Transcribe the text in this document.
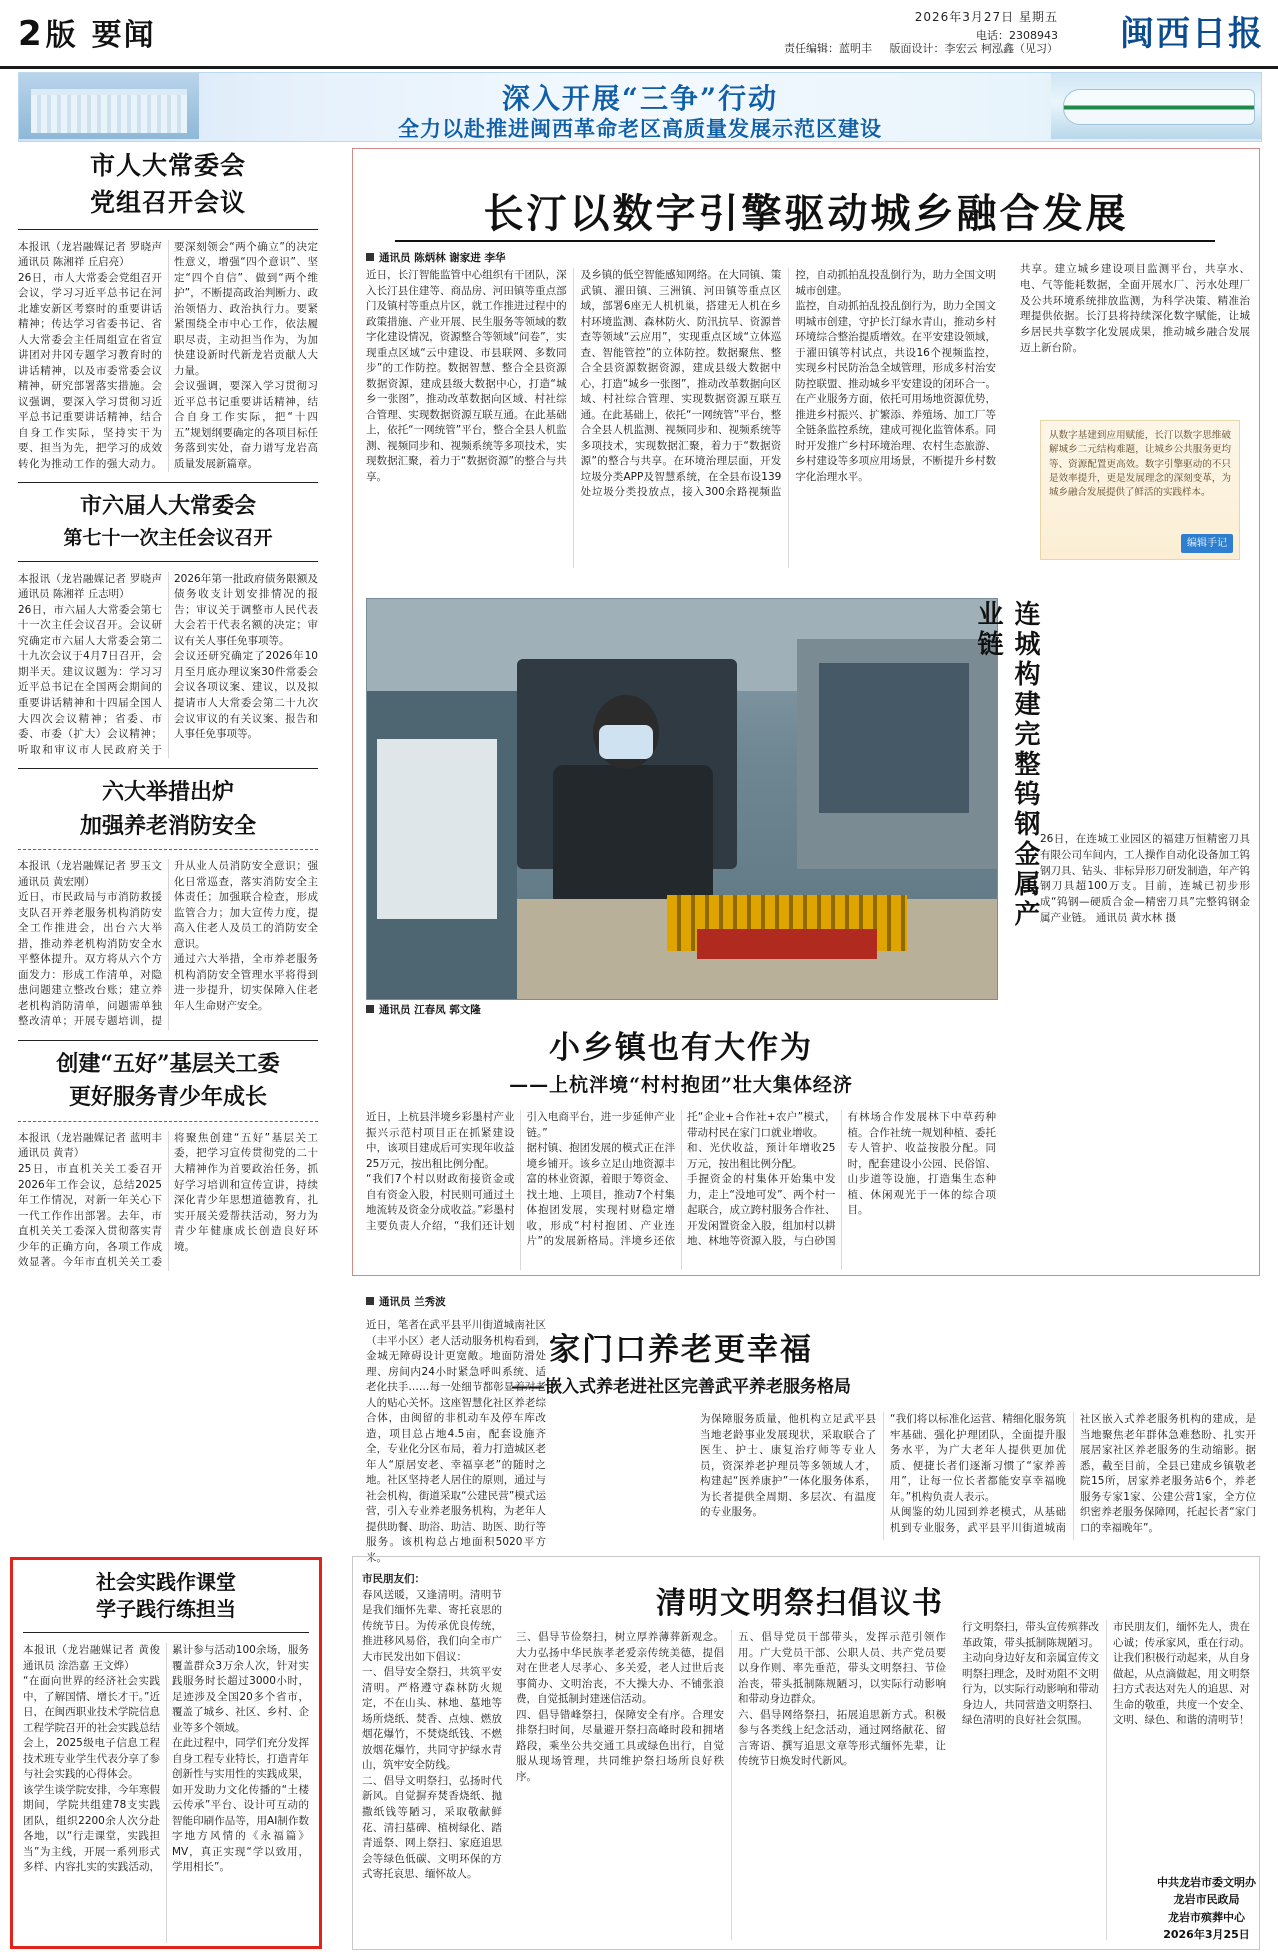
2 版 要闻
2026年3月27日 星期五
电话：2308943
责任编辑：蓝明丰 版面设计：李宏云 柯泓鑫（见习） 闽西日报
深入开展“三争”行动
全力以赴推进闽西革命老区高质量发展示范区建设
市人大常委会
党组召开会议
本报讯（龙岩融媒记者 罗晓声 通讯员 陈湘祥 丘启亮）
26日，市人大常委会党组召开会议，学习习近平总书记在河北雄安新区考察时的重要讲话精神；传达学习省委书记、省人大常委会主任周组宣在省宣讲团对井冈专题学习教育时的讲话精神，以及市委常委会议精神，研究部署落实措施。会议强调，要深入学习贯彻习近平总书记重要讲话精神，结合自身工作实际，坚持实干为要、担当为先，把学习的成效转化为推动工作的强大动力。要深刻领会“两个确立”的决定性意义，增强“四个意识”、坚定“四个自信”、做到“两个维护”，不断提高政治判断力、政治领悟力、政治执行力。要紧紧围绕全市中心工作，依法履职尽责，主动担当作为，为加快建设新时代新龙岩贡献人大力量。
会议强调，要深入学习贯彻习近平总书记重要讲话精神，结合自身工作实际，把“十四五”规划纲要确定的各项目标任务落到实处，奋力谱写龙岩高质量发展新篇章。
市六届人大常委会
第七十一次主任会议召开
本报讯（龙岩融媒记者 罗晓声 通讯员 陈湘祥 丘志明）
26日，市六届人大常委会第七十一次主任会议召开。会议研究确定市六届人大常委会第二十九次会议于4月7日召开，会期半天。建议议题为：学习习近平总书记在全国两会期间的重要讲话精神和十四届全国人大四次会议精神；省委、市委、市委（扩大）会议精神；听取和审议市人民政府关于2026年第一批政府债务限额及债务收支计划安排情况的报告；审议关于调整市人民代表大会若干代表名额的决定；审议有关人事任免事项等。
会议还研究确定了2026年10月至月底办理议案30件常委会会议各项议案、建议，以及拟提请市人大常委会第二十九次会议审议的有关议案、报告和人事任免事项等。
六大举措出炉
加强养老消防安全
本报讯（龙岩融媒记者 罗玉文 通讯员 黄宏刚）
近日，市民政局与市消防救援支队召开养老服务机构消防安全工作推进会，出台六大举措，推动养老机构消防安全水平整体提升。双方将从六个方面发力：形成工作清单，对隐患问题建立整改台账；建立养老机构消防清单，问题需单独整改清单；开展专题培训，提升从业人员消防安全意识；强化日常巡查，落实消防安全主体责任；加强联合检查，形成监管合力；加大宣传力度，提高入住老人及员工的消防安全意识。
通过六大举措，全市养老服务机构消防安全管理水平将得到进一步提升，切实保障入住老年人生命财产安全。
创建“五好”基层关工委
更好服务青少年成长
本报讯（龙岩融媒记者 蓝明丰 通讯员 黄青）
25日，市直机关关工委召开2026年工作会议，总结2025年工作情况，对新一年关心下一代工作作出部署。去年，市直机关关工委深入贯彻落实青少年的正确方向，各项工作成效显著。今年市直机关关工委将聚焦创建“五好”基层关工委，把学习宣传贯彻党的二十大精神作为首要政治任务，抓好学习培训和宣传宣讲，持续深化青少年思想道德教育，扎实开展关爱帮扶活动，努力为青少年健康成长创造良好环境。
社会实践作课堂
学子践行练担当
本报讯（龙岩融媒记者 黄俊 通讯员 涂浩嘉 王文烨）
“在面向世界的经济社会实践中，了解国情、增长才干。”近日，在闽西职业技术学院信息工程学院召开的社会实践总结会上，2025级电子信息工程技术班专业学生代表分享了参与社会实践的心得体会。
该学生谈学院安排，今年寒假期间，学院共组建78支实践团队，组织2200余人次分赴各地，以“行走课堂，实践担当”为主线，开展一系列形式多样、内容扎实的实践活动，累计参与活动100余场，服务覆盖群众3万余人次，针对实践服务时长超过3000小时，足迹涉及全国20多个省市，覆盖了城乡、社区、乡村、企业等多个领域。
在此过程中，同学们充分发挥自身工程专业特长，打造青年创新性与实用性的实践成果，如开发助力文化传播的“土楼云传承”平台、设计可互动的智能印刷作品等，用AI制作数字地方风情的《永福篇》MV，真正实现“学以致用，学用相长”。
长汀以数字引擎驱动城乡融合发展
通讯员 陈炳林 谢家进 李华
近日，长汀智能监管中心组织有干团队，深入长汀县住建等、商品房、河田镇等重点部门及镇村等重点片区，就工作推进过程中的政策措施、产业开展、民生服务等领域的数字化建设情况，资源整合等领域“问卷”，实现重点区域“云中建设、市县联网、多数同步”的工作防控。数据智慧、整合全县资源数据资源，建成县级大数据中心，打造“城乡一张图”，推动改革数据向区域、村社综合管理、实现数据资源互联互通。在此基础上，依托“一网统管”平台，整合全县人机监测、视频同步和、视频系统等多项技术，实现数据汇聚，着力于“数据资源”的整合与共享。
及乡镇的低空智能感知网络。在大同镇、策武镇、濯田镇、三洲镇、河田镇等重点区域，部署6座无人机机巢，搭建无人机在乡村环境监测、森林防火、防汛抗旱、资源普查等领域“云应用”，实现重点区域“立体巡查、智能管控”的立体防控。数据聚焦、整合全县资源数据资源，建成县级大数据中心，打造“城乡一张图”，推动改革数据向区域、村社综合管理、实现数据资源互联互通。在此基础上，依托“一网统管”平台，整合全县人机监测、视频同步和、视频系统等多项技术，实现数据汇聚，着力于“数据资源”的整合与共享。在环境治理层面，开发垃圾分类APP及智慧系统，在全县布设139处垃圾分类投放点，接入300余路视频监控，自动抓拍乱投乱倒行为，助力全国文明城市创建。
监控，自动抓拍乱投乱倒行为，助力全国文明城市创建，守护长汀绿水青山，推动乡村环境综合整治提质增效。在平安建设领域，于濯田镇等村试点，共设16个视频监控，实现乡村民防治急全域管理，形成多村治安防控联盟、推动城乡平安建设的闭环合一。在产业服务方面，依托可用场地资源优势，推进乡村振兴、扩繁添、养殖场、加工厂等全链条监控系统，建成可视化监管体系。同时开发推广乡村环境治理、农村生态旅游、乡村建设等多项应用场景，不断提升乡村数字化治理水平。
共享。建立城乡建设项目监测平台，共享水、电、气等能耗数据，全面开展水厂、污水处理厂及公共环境系统排放监测，为科学决策、精准治理提供依据。长汀县将持续深化数字赋能，让城乡居民共享数字化发展成果，推动城乡融合发展迈上新台阶。
从数字基建到应用赋能，长汀以数字思维破解城乡二元结构难题，让城乡公共服务更均等、资源配置更高效。数字引擎驱动的不只是效率提升，更是发展理念的深刻变革，为城乡融合发展提供了鲜活的实践样本。
编辑手记
连城构建完整钨钢金属产业链
26日，在连城工业园区的福建万恒精密刀具有限公司车间内，工人操作自动化设备加工钨钢刀具、钻头、非标异形刀研发制造，年产钨钢刀具超100万支。目前，连城已初步形成“钨钢—硬质合金—精密刀具”完整钨钢金属产业链。 通讯员 黄水林 摄
小乡镇也有大作为
——上杭泮境“村村抱团”壮大集体经济
通讯员 江春凤 郭文隆
近日，上杭县泮境乡彩墨村产业振兴示范村项目正在抓紧建设中，该项目建成后可实现年收益25万元，按出租比例分配。
“我们7个村以财政衔接资金或自有资金入股，村民则可通过土地流转及资金分成收益。”彩墨村主要负责人介绍，“我们还计划引入电商平台，进一步延伸产业链。”
据村镇、抱团发展的模式正在泮境乡铺开。该乡立足山地资源丰富的林业资源，着眼于筹资金、找土地、上项目，推动7个村集体抱团发展，实现村财稳定增收，形成“村村抱团、产业连片”的发展新格局。泮境乡还依托“企业+合作社+农户”模式，带动村民在家门口就业增收。
和、光伏收益，预计年增收25万元，按出租比例分配。
手握资金的村集体开始集中发力，走上“没地可发”、两个村一起联合，成立跨村服务合作社、开发闲置资金入股，组加村以耕地、林地等资源入股，与白砂国有林场合作发展林下中草药种植。合作社统一规划种植、委托专人管护、收益按股分配。同时，配套建设小公园、民俗馆、山步道等设施，打造集生态种植、休闲观光于一体的综合项目。
通讯员 兰秀波
家门口养老更幸福
——嵌入式养老进社区完善武平养老服务格局
近日，笔者在武平县平川街道城南社区（丰平小区）老人活动服务机构看到，金城无障碍设计更宽敞。地面防滑处理、房间内24小时紧急呼叫系统、适老化扶手……每一处细节都彰显着对老人的贴心关怀。这座智慧化社区养老综合体，由闽留的非机动车及停车库改造，项目总占地4.5亩，配套设施齐全，专业化分区布局，着力打造城区老年人“原居安老、幸福享老”的随时之地。社区坚持老人居住的原则，通过与社会机构，街道采取“公建民营”模式运营，引入专业养老服务机构，为老年人提供助餐、助浴、助洁、助医、助行等服务。该机构总占地面积5020平方米。
为保障服务质量，他机构立足武平县当地老龄事业发展现状，采取联合了医生、护士、康复治疗师等专业人员，资深养老护理员等多领域人才，构建起“医养康护”一体化服务体系，为长者提供全周期、多层次、有温度的专业服务。
“我们将以标准化运营、精细化服务筑牢基础、强化护理团队，全面提升服务水平，为广大老年人提供更加优质、便捷长者们逐渐习惯了“家养善用”，让每一位长者都能安享幸福晚年。”机构负责人表示。
从闽鉴的幼儿园到养老模式，从基础机到专业服务，武平县平川街道城南社区嵌入式养老服务机构的建成，是当地聚焦老年群体急难愁盼、扎实开展居家社区养老服务的生动缩影。据悉，截至目前，全县已建成乡镇敬老院15所，居家养老服务站6个，养老服务专家1家、公建公营1家，全方位织密养老服务保障网，托起长者“家门口的幸福晚年”。
清明文明祭扫倡议书
市民朋友们：
春风送暖，又逢清明。清明节是我们缅怀先辈、寄托哀思的传统节日。为传承优良传统，推进移风易俗，我们向全市广大市民发出如下倡议：
一、倡导安全祭扫，共筑平安清明。严格遵守森林防火规定，不在山头、林地、墓地等场所烧纸、焚香、点烛、燃放烟花爆竹，不焚烧纸钱、不燃放烟花爆竹，共同守护绿水青山，筑牢安全防线。
二、倡导文明祭扫，弘扬时代新风。自觉摒弃焚香烧纸、抛撒纸钱等陋习，采取敬献鲜花、清扫墓碑、植树绿化、踏青遥祭、网上祭扫、家庭追思会等绿色低碳、文明环保的方式寄托哀思、缅怀故人。
三、倡导节俭祭扫，树立厚养薄葬新观念。大力弘扬中华民族孝老爱亲传统美德，提倡对在世老人尽孝心、多关爱，老人过世后丧事简办、文明治丧，不大操大办、不铺张浪费，自觉抵制封建迷信活动。
四、倡导错峰祭扫，保障安全有序。合理安排祭扫时间，尽量避开祭扫高峰时段和拥堵路段，乘坐公共交通工具或绿色出行，自觉服从现场管理，共同维护祭扫场所良好秩序。
五、倡导党员干部带头，发挥示范引领作用。广大党员干部、公职人员、共产党员要以身作则、率先垂范，带头文明祭扫、节俭治丧，带头抵制陈规陋习，以实际行动影响和带动身边群众。
六、倡导网络祭扫，拓展追思新方式。积极参与各类线上纪念活动，通过网络献花、留言寄语、撰写追思文章等形式缅怀先辈，让传统节日焕发时代新风。
行文明祭扫，带头宣传殡葬改革政策，带头抵制陈规陋习。主动向身边好友和亲属宣传文明祭扫理念，及时劝阻不文明行为，以实际行动影响和带动身边人，共同营造文明祭扫、绿色清明的良好社会氛围。
市民朋友们，缅怀先人，贵在心诚；传承家风，重在行动。让我们积极行动起来，从自身做起，从点滴做起，用文明祭扫方式表达对先人的追思、对生命的敬重，共度一个安全、文明、绿色、和谐的清明节！
中共龙岩市委文明办
龙岩市民政局
龙岩市殡葬中心
2026年3月25日
